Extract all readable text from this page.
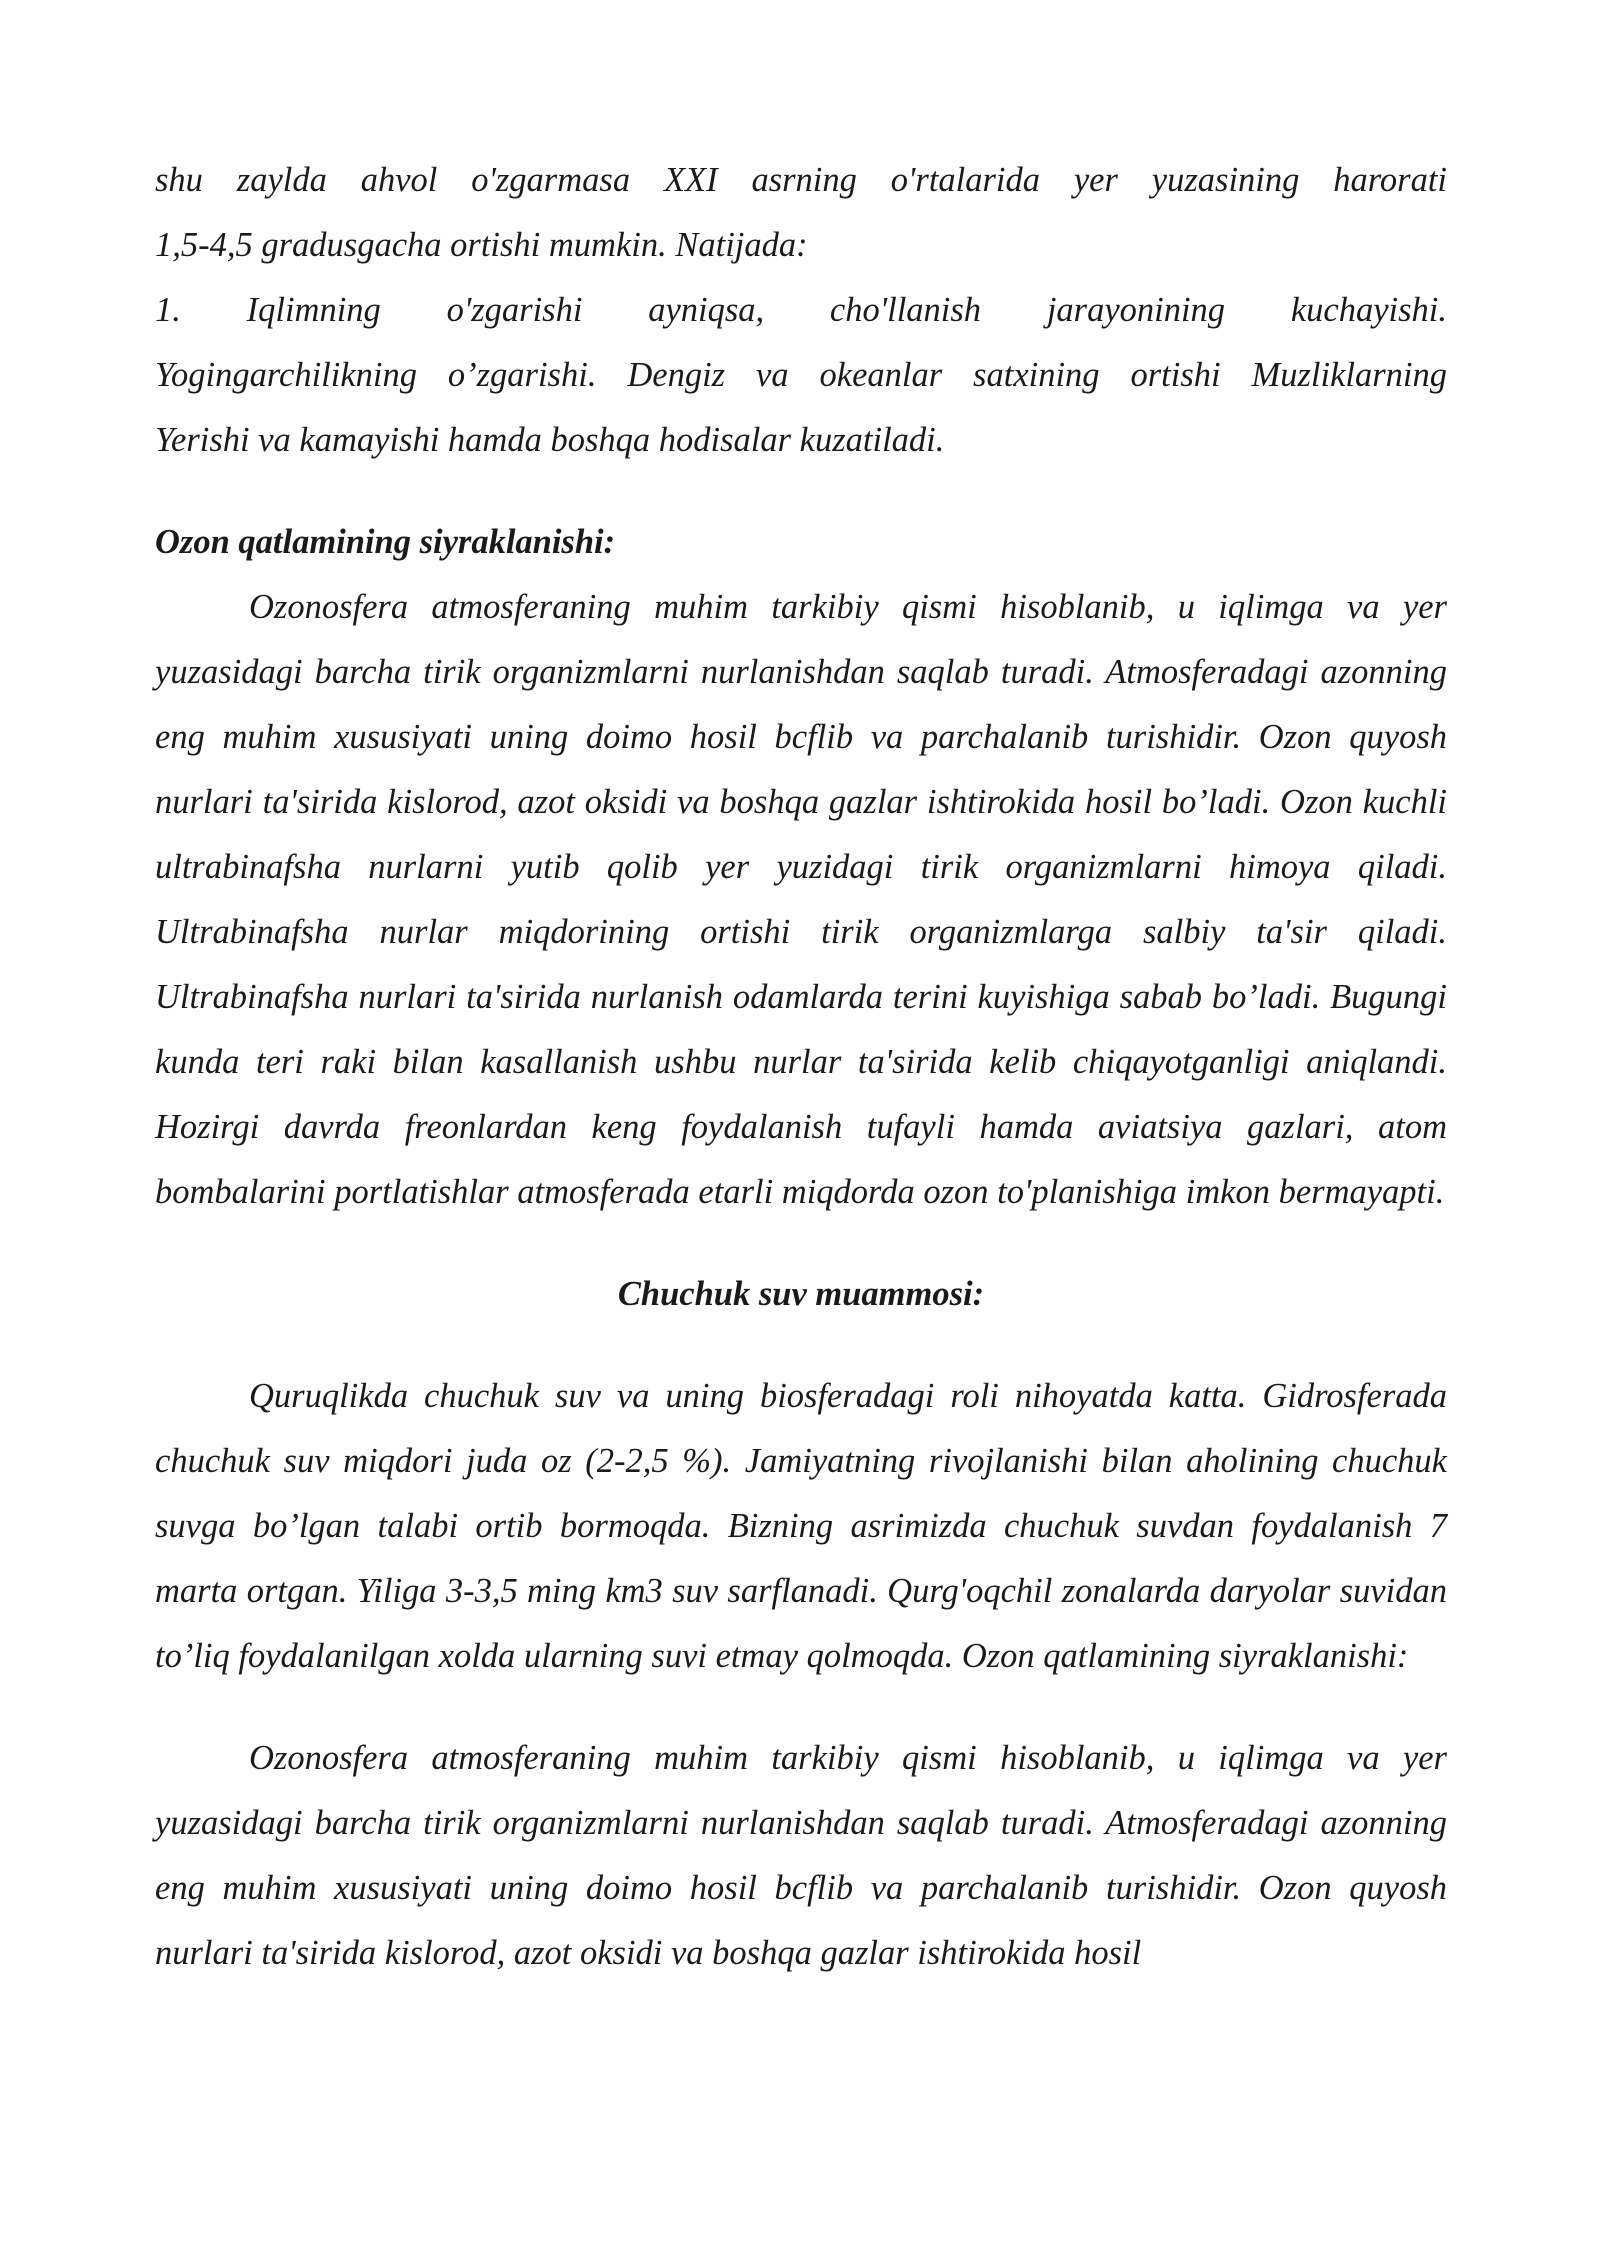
shu zaylda ahvol o'zgarmasa XXI asrning o'rtalarida yer yuzasining harorati
1,5-4,5 gradusgacha ortishi mumkin. Natijada:
1. Iqlimning o'zgarishi ayniqsa, cho'llanish jarayonining kuchayishi.
Yogingarchilikning o’zgarishi. Dengiz va okeanlar satxining ortishi Muzliklarning
Yerishi va kamayishi hamda boshqa hodisalar kuzatiladi.

Ozon qatlamining siyraklanishi:

Ozonosfera atmosferaning muhim tarkibiy qismi hisoblanib, u iqlimga va yer yuzasidagi barcha tirik organizmlarni nurlanishdan saqlab turadi. Atmosferadagi azonning eng muhim xususiyati uning doimo hosil bcflib va parchalanib turishidir. Ozon quyosh nurlari ta'sirida kislorod, azot oksidi va boshqa gazlar ishtirokida hosil bo’ladi. Ozon kuchli ultrabinafsha nurlarni yutib qolib yer yuzidagi tirik organizmlarni himoya qiladi. Ultrabinafsha nurlar miqdorining ortishi tirik organizmlarga salbiy ta'sir qiladi. Ultrabinafsha nurlari ta'sirida nurlanish odamlarda terini kuyishiga sabab bo’ladi. Bugungi kunda teri raki bilan kasallanish ushbu nurlar ta'sirida kelib chiqayotganligi aniqlandi. Hozirgi davrda freonlardan keng foydalanish tufayli hamda aviatsiya gazlari, atom bombalarini portlatishlar atmosferada etarli miqdorda ozon to'planishiga imkon bermayapti.

Chuchuk suv muammosi:

Quruqlikda chuchuk suv va uning biosferadagi roli nihoyatda katta. Gidrosferada chuchuk suv miqdori juda oz (2-2,5 %). Jamiyatning rivojlanishi bilan aholining chuchuk suvga bo’lgan talabi ortib bormoqda. Bizning asrimizda chuchuk suvdan foydalanish 7 marta ortgan. Yiliga 3-3,5 ming km3 suv sarflanadi. Qurg'oqchil zonalarda daryolar suvidan to’liq foydalanilgan xolda ularning suvi etmay qolmoqda. Ozon qatlamining siyraklanishi:

Ozonosfera atmosferaning muhim tarkibiy qismi hisoblanib, u iqlimga va yer yuzasidagi barcha tirik organizmlarni nurlanishdan saqlab turadi. Atmosferadagi azonning eng muhim xususiyati uning doimo hosil bcflib va parchalanib turishidir. Ozon quyosh nurlari ta'sirida kislorod, azot oksidi va boshqa gazlar ishtirokida hosil
